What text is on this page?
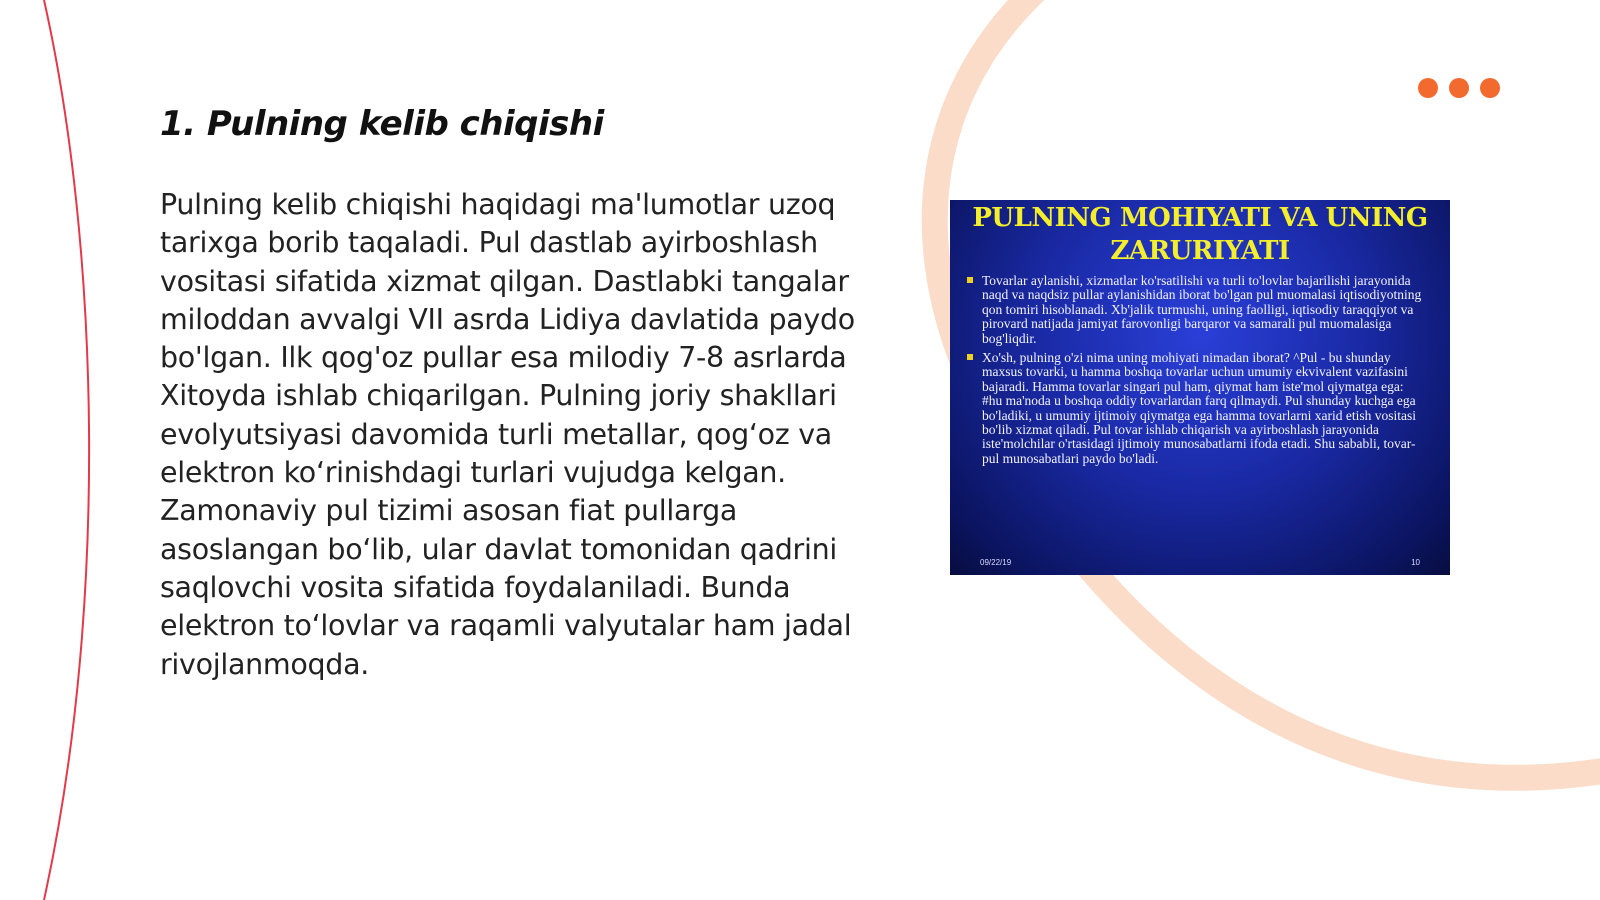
1. Pulning kelib chiqishi

Pulning kelib chiqishi haqidagi ma'lumotlar uzoq tarixga borib taqaladi. Pul dastlab ayirboshlash vositasi sifatida xizmat qilgan. Dastlabki tangalar miloddan avvalgi VII asrda Lidiya davlatida paydo bo'lgan. Ilk qog'oz pullar esa milodiy 7-8 asrlarda Xitoyda ishlab chiqarilgan. Pulning joriy shakllari evolyutsiyasi davomida turli metallar, qog‘oz va elektron ko‘rinishdagi turlari vujudga kelgan. Zamonaviy pul tizimi asosan fiat pullarga asoslangan bo‘lib, ular davlat tomonidan qadrini saqlovchi vosita sifatida foydalaniladi. Bunda elektron to‘lovlar va raqamli valyutalar ham jadal rivojlanmoqda.

PULNING MOHIYATI VA UNING ZARURIYATI
Tovarlar aylanishi, xizmatlar ko'rsatilishi va turli to'lovlar bajarilishi jarayonida naqd va naqdsiz pullar aylanishidan iborat bo'lgan pul muomalasi iqtisodiyotning qon tomiri hisoblanadi. Xb'jalik turmushi, uning faolligi, iqtisodiy taraqqiyot va pirovard natijada jamiyat farovonligi barqaror va samarali pul muomalasiga bog'liqdir.
Xo'sh, pulning o'zi nima uning mohiyati nimadan iborat? ^Pul - bu shunday maxsus tovarki, u hamma boshqa tovarlar uchun umumiy ekvivalent vazifasini bajaradi. Hamma tovarlar singari pul ham, qiymat ham iste'mol qiymatga ega: #hu ma'noda u boshqa oddiy tovarlardan farq qilmaydi. Pul shunday kuchga ega bo'ladiki, u umumiy ijtimoiy qiymatga ega hamma tovarlarni xarid etish vositasi bo'lib xizmat qiladi. Pul tovar ishlab chiqarish va ayirboshlash jarayonida iste'molchilar o'rtasidagi ijtimoiy munosabatlarni ifoda etadi. Shu sababli, tovar-pul munosabatlari paydo bo'ladi.
09/22/19	10
